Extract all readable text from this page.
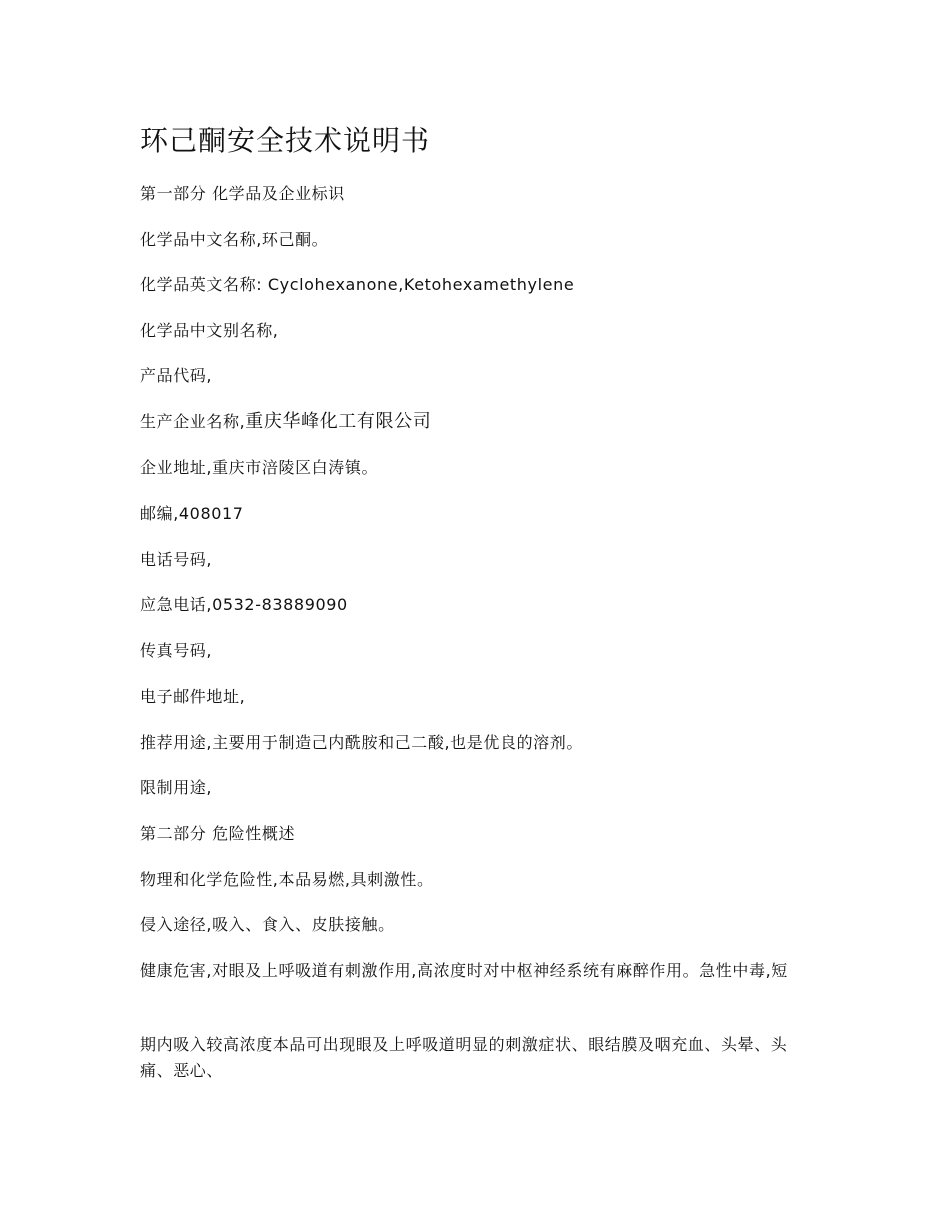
环己酮安全技术说明书
第一部分 化学品及企业标识
化学品中文名称,环己酮。
化学品英文名称: Cyclohexanone,Ketohexamethylene
化学品中文别名称,
产品代码,
生产企业名称,重庆华峰化工有限公司
企业地址,重庆市涪陵区白涛镇。
邮编,408017
电话号码,
应急电话,0532-83889090
传真号码,
电子邮件地址,
推荐用途,主要用于制造己内酰胺和己二酸,也是优良的溶剂。
限制用途,
第二部分 危险性概述
物理和化学危险性,本品易燃,具刺激性。
侵入途径,吸入、食入、皮肤接触。
健康危害,对眼及上呼吸道有刺激作用,高浓度时对中枢神经系统有麻醉作用。急性中毒,短
期内吸入较高浓度本品可出现眼及上呼吸道明显的刺激症状、眼结膜及咽充血、头晕、头痛、恶心、
